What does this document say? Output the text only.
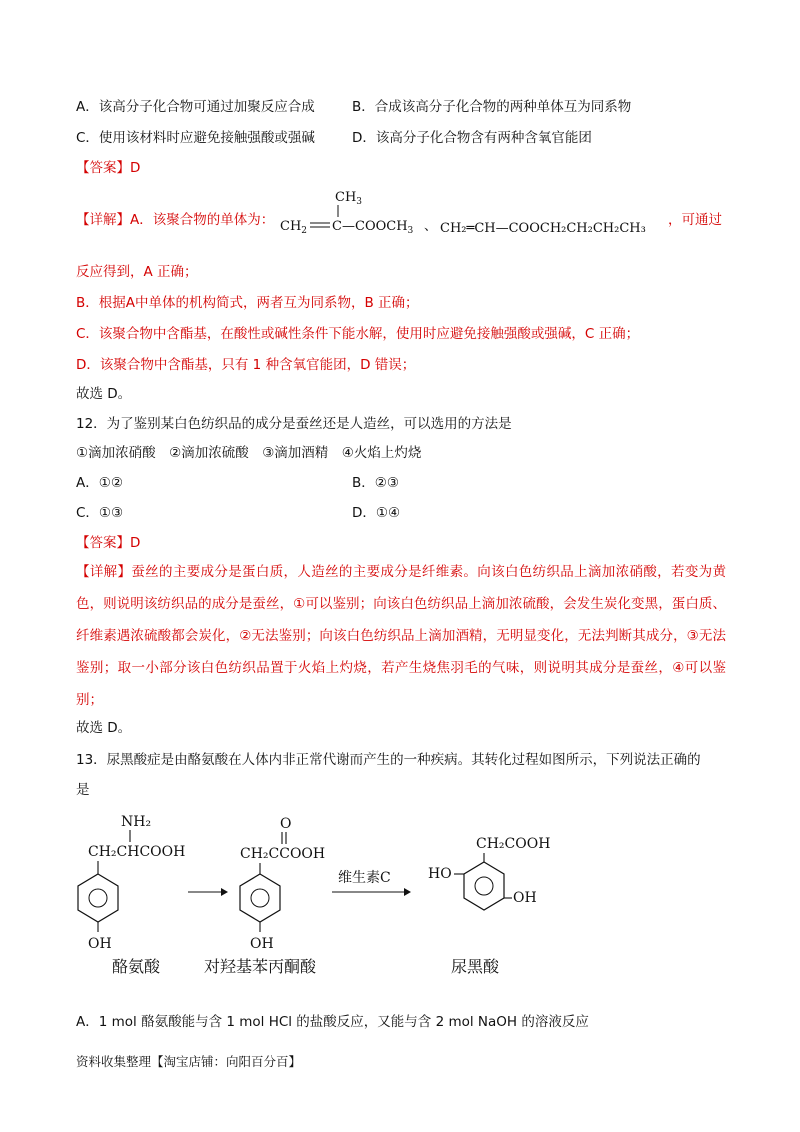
A．该高分子化合物可通过加聚反应合成	B．合成该高分子化合物的两种单体互为同系物
C．使用该材料时应避免接触强酸或强碱	D．该高分子化合物含有两种含氧官能团
【答案】D
【详解】A．该聚合物的单体为：
$CH_3$
$CH_2$ C $—COOCH_3$ 、 CH₂═CH—COOCH₂CH₂CH₂CH₃
，可通过
反应得到，A 正确；
B．根据A中单体的机构简式，两者互为同系物，B 正确；
C．该聚合物中含酯基，在酸性或碱性条件下能水解，使用时应避免接触强酸或强碱，C 正确；
D．该聚合物中含酯基，只有 1 种含氧官能团，D 错误；
故选 D。
12．为了鉴别某白色纺织品的成分是蚕丝还是人造丝，可以选用的方法是
①滴加浓硝酸　②滴加浓硫酸　③滴加酒精　④火焰上灼烧
A．①②	B．②③
C．①③	D．①④
【答案】D
【详解】蚕丝的主要成分是蛋白质，人造丝的主要成分是纤维素。向该白色纺织品上滴加浓硝酸，若变为黄色，则说明该纺织品的成分是蚕丝，①可以鉴别；向该白色纺织品上滴加浓硫酸，会发生炭化变黑，蛋白质、纤维素遇浓硫酸都会炭化，②无法鉴别；向该白色纺织品上滴加酒精，无明显变化，无法判断其成分，③无法鉴别；取一小部分该白色纺织品置于火焰上灼烧，若产生烧焦羽毛的气味，则说明其成分是蚕丝，④可以鉴别；
故选 D。
13．尿黑酸症是由酪氨酸在人体内非正常代谢而产生的一种疾病。其转化过程如图所示，下列说法正确的
是
NH₂
CH₂CHCOOH
OH
酪氨酸
O
CH₂CCOOH
OH
对羟基苯丙酮酸
维生素C
CH₂COOH
HO
OH
尿黑酸
A．1 mol 酪氨酸能与含 1 mol HCl 的盐酸反应，又能与含 2 mol NaOH 的溶液反应
资料收集整理【淘宝店铺：向阳百分百】
